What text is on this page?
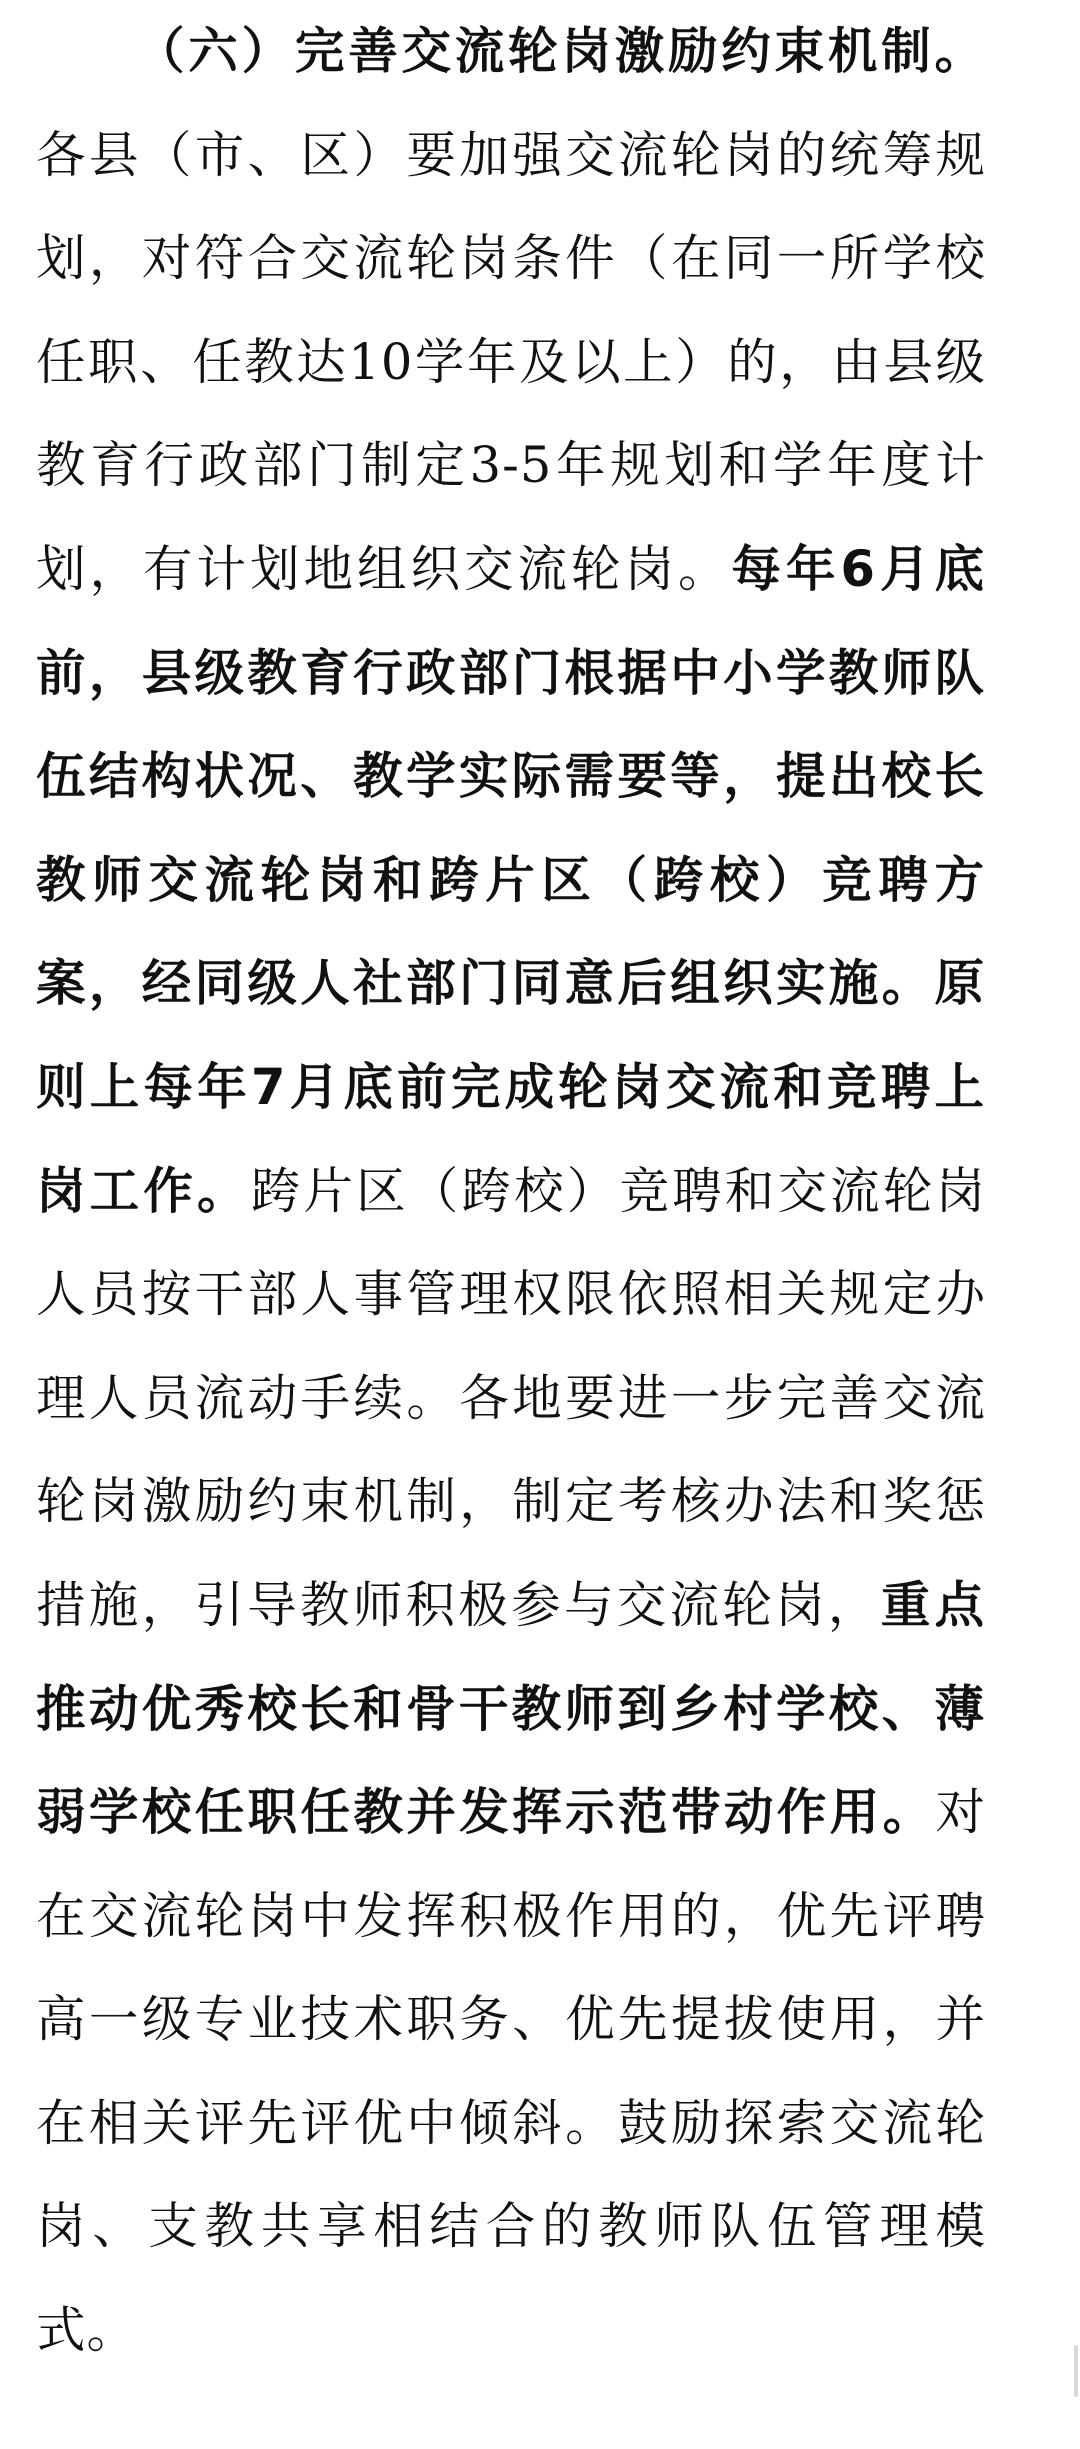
（六）完善交流轮岗激励约束机制。各县（市、区）要加强交流轮岗的统筹规划，对符合交流轮岗条件（在同一所学校任职、任教达10学年及以上）的，由县级教育行政部门制定3-5年规划和学年度计划，有计划地组织交流轮岗。每年6月底前，县级教育行政部门根据中小学教师队伍结构状况、教学实际需要等，提出校长教师交流轮岗和跨片区（跨校）竞聘方案，经同级人社部门同意后组织实施。原则上每年7月底前完成轮岗交流和竞聘上岗工作。跨片区（跨校）竞聘和交流轮岗人员按干部人事管理权限依照相关规定办理人员流动手续。各地要进一步完善交流轮岗激励约束机制，制定考核办法和奖惩措施，引导教师积极参与交流轮岗，重点推动优秀校长和骨干教师到乡村学校、薄弱学校任职任教并发挥示范带动作用。对在交流轮岗中发挥积极作用的，优先评聘高一级专业技术职务、优先提拔使用，并在相关评先评优中倾斜。鼓励探索交流轮岗、支教共享相结合的教师队伍管理模式。
